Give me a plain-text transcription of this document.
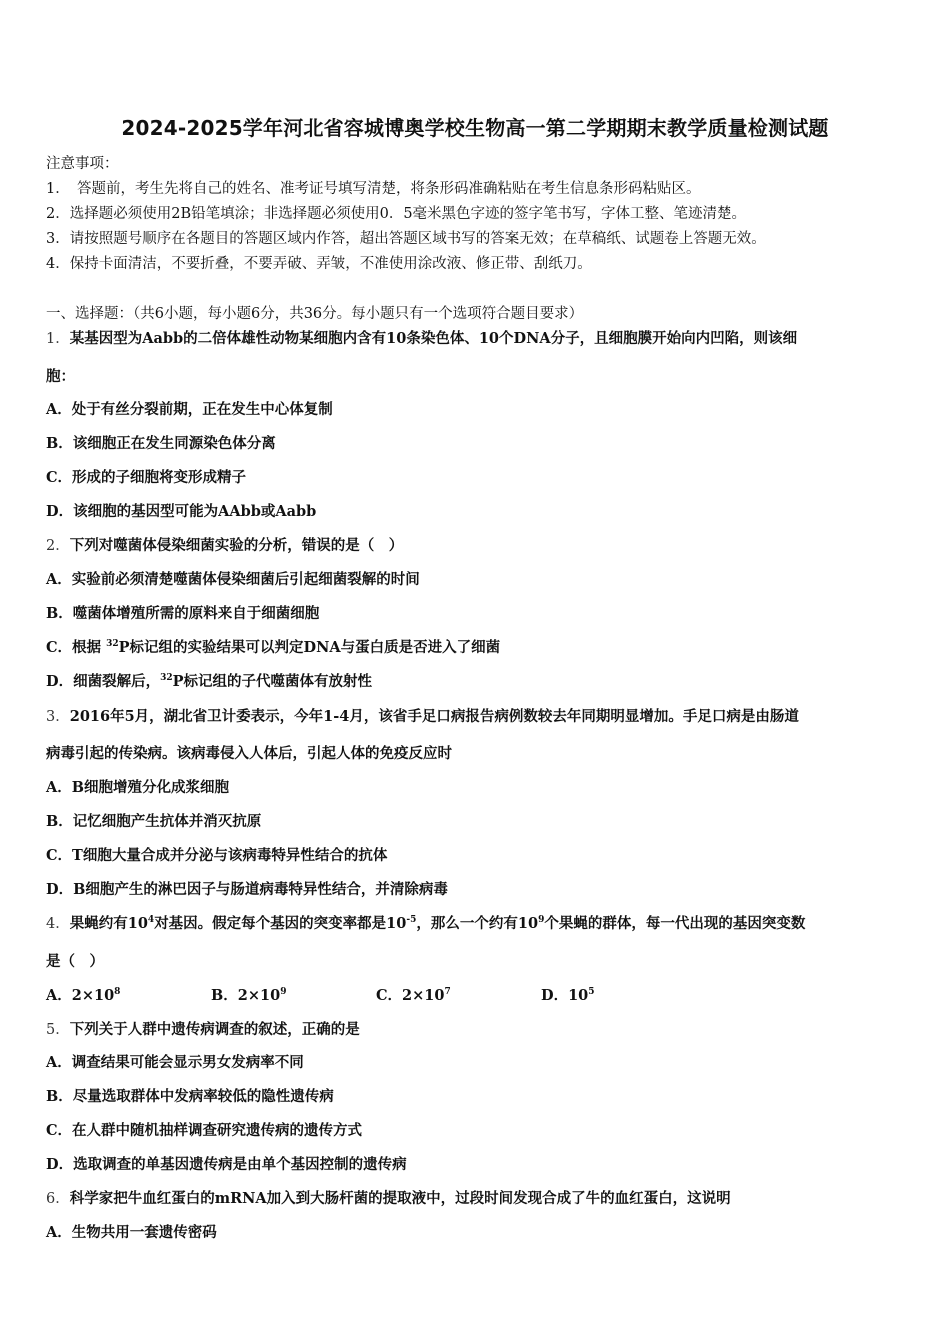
2024-2025学年河北省容城博奥学校生物高一第二学期期末教学质量检测试题
注意事项：
1．　答题前，考生先将自己的姓名、准考证号填写清楚，将条形码准确粘贴在考生信息条形码粘贴区。
2．选择题必须使用2B铅笔填涂；非选择题必须使用0．5毫米黑色字迹的签字笔书写，字体工整、笔迹清楚。
3．请按照题号顺序在各题目的答题区域内作答，超出答题区域书写的答案无效；在草稿纸、试题卷上答题无效。
4．保持卡面清洁，不要折叠，不要弄破、弄皱，不准使用涂改液、修正带、刮纸刀。
一、选择题：（共6小题，每小题6分，共36分。每小题只有一个选项符合题目要求）
1．某基因型为Aabb的二倍体雄性动物某细胞内含有10条染色体、10个DNA分子，且细胞膜开始向内凹陷，则该细
胞：
A．处于有丝分裂前期，正在发生中心体复制
B．该细胞正在发生同源染色体分离
C．形成的子细胞将变形成精子
D．该细胞的基因型可能为AAbb或Aabb
2．下列对噬菌体侵染细菌实验的分析，错误的是（　）
A．实验前必须清楚噬菌体侵染细菌后引起细菌裂解的时间
B．噬菌体增殖所需的原料来自于细菌细胞
C．根据 $^{32}$P标记组的实验结果可以判定DNA与蛋白质是否进入了细菌
D．细菌裂解后，$^{32}$P标记组的子代噬菌体有放射性
3．2016年5月，湖北省卫计委表示，今年1-4月，该省手足口病报告病例数较去年同期明显增加。手足口病是由肠道
病毒引起的传染病。该病毒侵入人体后，引起人体的免疫反应时
A．B细胞增殖分化成浆细胞
B．记忆细胞产生抗体并消灭抗原
C．T细胞大量合成并分泌与该病毒特异性结合的抗体
D．B细胞产生的淋巴因子与肠道病毒特异性结合，并清除病毒
4．果蝇约有$10^4$对基因。假定每个基因的突变率都是$10^{-5}$，那么一个约有$10^9$个果蝇的群体，每一代出现的基因突变数
是（　）
A．$2\times 10^8$	B．$2\times 10^9$	C．$2\times 10^7$	D．$10^5$
5．下列关于人群中遗传病调查的叙述，正确的是
A．调查结果可能会显示男女发病率不同
B．尽量选取群体中发病率较低的隐性遗传病
C．在人群中随机抽样调查研究遗传病的遗传方式
D．选取调查的单基因遗传病是由单个基因控制的遗传病
6．科学家把牛血红蛋白的mRNA加入到大肠杆菌的提取液中，过段时间发现合成了牛的血红蛋白，这说明
A．生物共用一套遗传密码
